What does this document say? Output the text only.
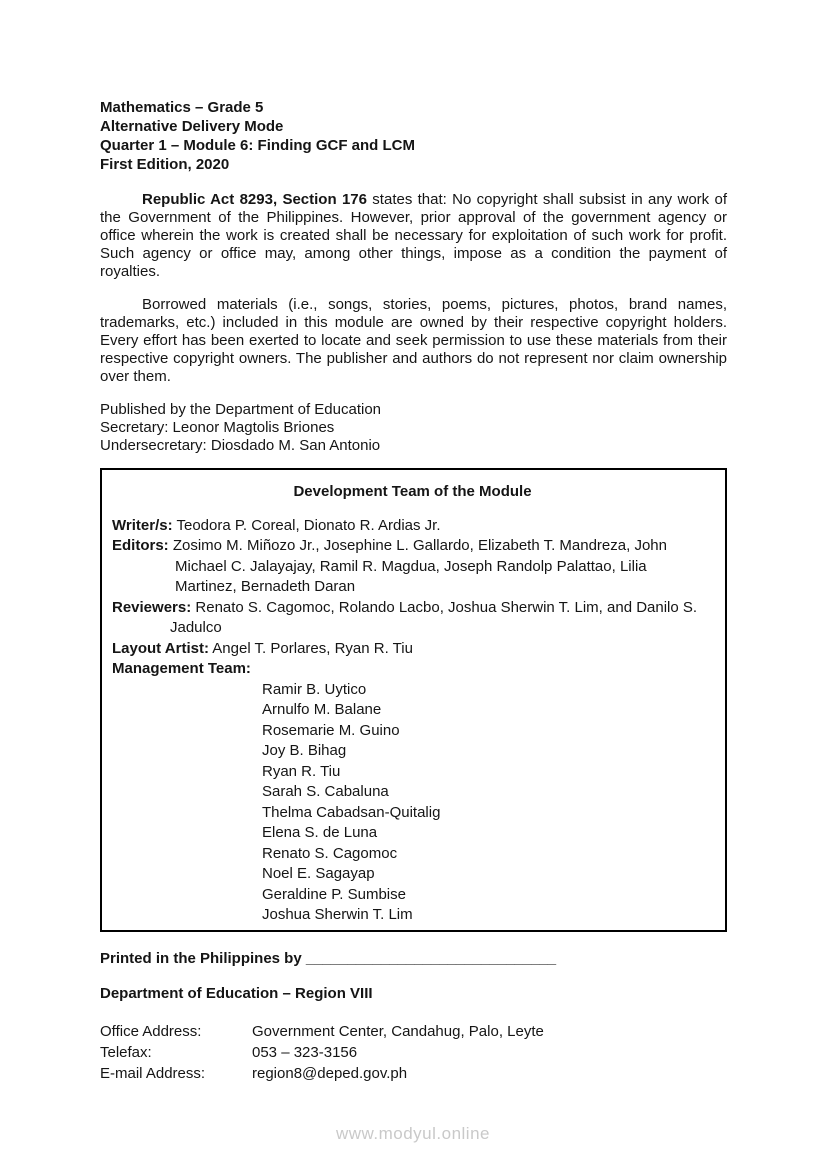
Mathematics – Grade 5
Alternative Delivery Mode
Quarter 1 – Module 6: Finding GCF and LCM
First Edition, 2020

Republic Act 8293, Section 176 states that: No copyright shall subsist in any work of the Government of the Philippines. However, prior approval of the government agency or office wherein the work is created shall be necessary for exploitation of such work for profit. Such agency or office may, among other things, impose as a condition the payment of royalties.

Borrowed materials (i.e., songs, stories, poems, pictures, photos, brand names, trademarks, etc.) included in this module are owned by their respective copyright holders. Every effort has been exerted to locate and seek permission to use these materials from their respective copyright owners. The publisher and authors do not represent nor claim ownership over them.

Published by the Department of Education
Secretary: Leonor Magtolis Briones
Undersecretary: Diosdado M. San Antonio
Development Team of the Module
Writer/s: Teodora P. Coreal, Dionato R. Ardias Jr.
Editors: Zosimo M. Miñozo Jr., Josephine L. Gallardo, Elizabeth T. Mandreza, John
Michael C. Jalayajay, Ramil R. Magdua, Joseph Randolp Palattao, Lilia
Martinez, Bernadeth Daran
Reviewers: Renato S. Cagomoc, Rolando Lacbo, Joshua Sherwin T. Lim, and Danilo S.
Jadulco
Layout Artist: Angel T. Porlares, Ryan R. Tiu
Management Team:
Ramir B. Uytico
Arnulfo M. Balane
Rosemarie M. Guino
Joy B. Bihag
Ryan R. Tiu
Sarah S. Cabaluna
Thelma Cabadsan-Quitalig
Elena S. de Luna
Renato S. Cagomoc
Noel E. Sagayap
Geraldine P. Sumbise
Joshua Sherwin T. Lim
Printed in the Philippines by ______________________________
Department of Education – Region VIII
Office Address:	Government Center, Candahug, Palo, Leyte
Telefax:	053 – 323-3156
E-mail Address:	region8@deped.gov.ph
www.modyul.online
